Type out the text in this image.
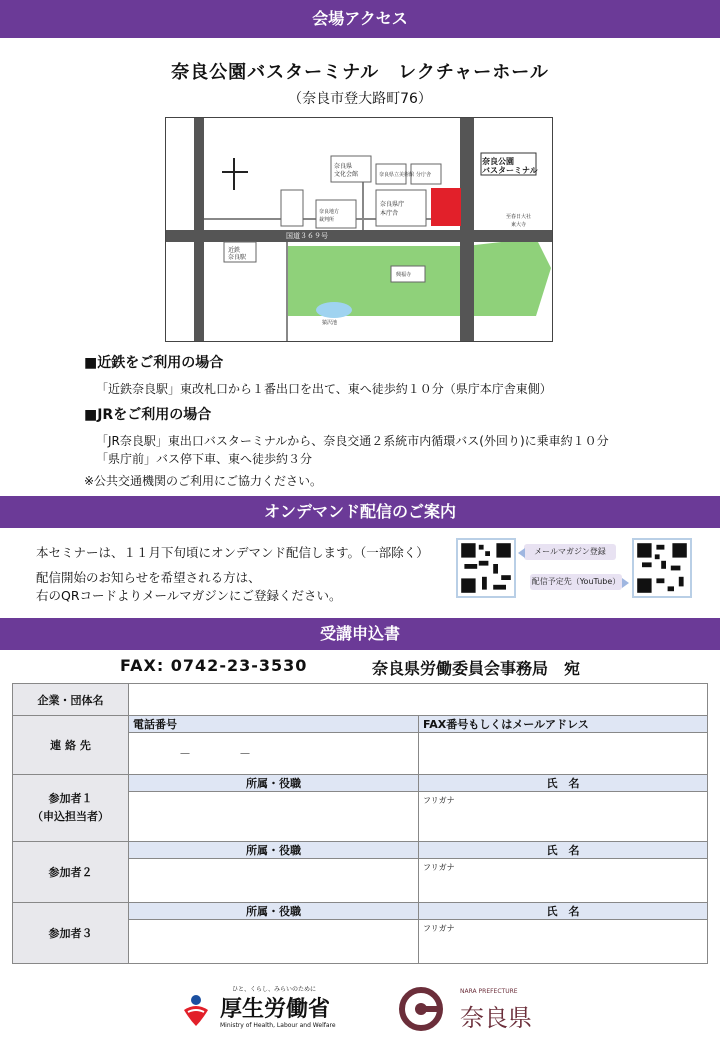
会場アクセス
奈良公園バスターミナル　レクチャーホール
（奈良市登大路町76）
奈良公園
バスターミナル
奈良県
文化会館	奈良県立美術館 分庁舎
奈良地方
裁判所
奈良県庁
本庁舎
国道３６９号
近鉄
奈良駅
興福寺
猿沢池
至春日大社
東大寺
■近鉄をご利用の場合
「近鉄奈良駅」東改札口から１番出口を出て、東へ徒歩約１０分（県庁本庁舎東側）
■JRをご利用の場合
「JR奈良駅」東出口バスターミナルから、奈良交通２系統市内循環バス(外回り)に乗車約１０分
「県庁前」バス停下車、東へ徒歩約３分
※公共交通機関のご利用にご協力ください。
オンデマンド配信のご案内
本セミナーは、１１月下旬頃にオンデマンド配信します。（一部除く）
配信開始のお知らせを希望される方は、
右のQRコードよりメールマガジンにご登録ください。
メールマガジン登録
配信予定先（YouTube）
受講申込書
FAX: 0742-23-3530	奈良県労働委員会事務局　宛
企業・団体名		
連 絡 先	電話番号	FAX番号もしくはメールアドレス
	－　　　　－	
参加者１
（申込担当者）	所属・役職	氏　名
		フリガナ
参加者２	所属・役職	氏　名
		フリガナ
参加者３	所属・役職	氏　名
		フリガナ
ひと、くらし、みらいのために
厚生労働省
Ministry of Health, Labour and Welfare
NARA PREFECTURE
奈良県
